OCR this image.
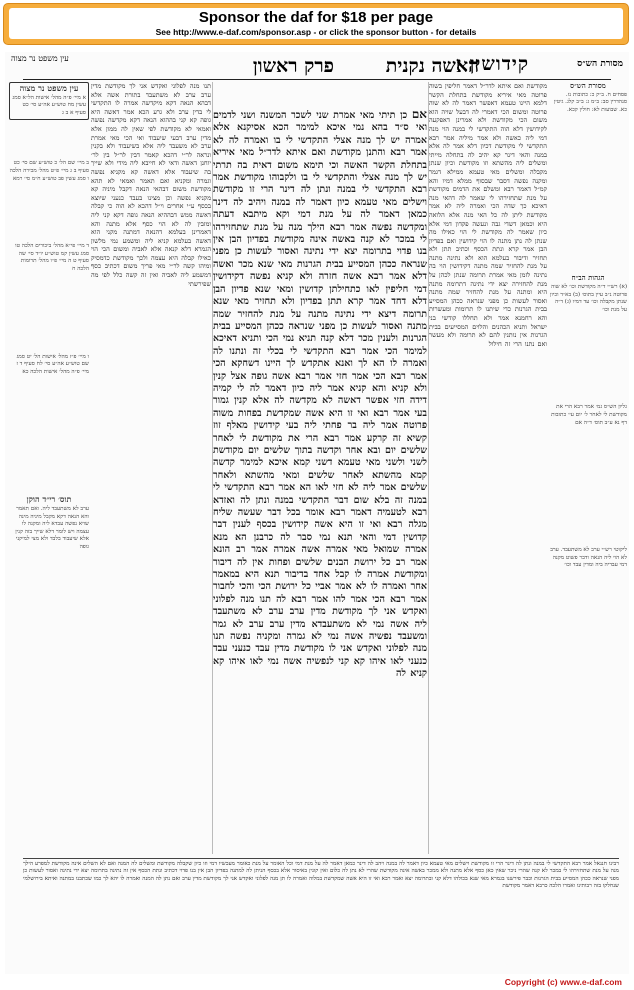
Sponsor the daf for $18 per page
See http://www.e-daf.com/sponsor.asp - or click the sponsor button - for details
מסורת הש״ס
האשה נקנית
פרק ראשון	קידושין ז
עין משפט נר מצוה
מקודשת ואם איתא לדר״ל דאמר חליפין בשוה פרוטה מאי איריא מקודשת בתחלת הקשר דלמא היינו טעמא דאפשר דאמר לה לא שוה פרוטה ומשום הכי דאמרי לה דבעל שויה הוא משום הכי מקודשת ולא אמרינן דאפקעה לקידושין דלא הוה התקדשי לי במנה הוי מנה דמי ליה כאשה ולא אמר מיליה אמר רבא התקדשי לי מקודשת דכיון דלא אמר לה אלא במנה והאי דינר קא יהיב לה בתחלה מייתי ומשלים ליה מהשתא וזו מקודשת וכיון שנתן מקבלה ומשלים מאי טעמא ממילא דגמר ומקנה נפשה דסבר שבסוף ממלא דמיו והא קמ״ל דאמר רבא ומשלם את הדמים מקודשת על מנת שתחזירהו לי שאמר לה דהאי מנה דאיכא כך שדה הכי ואמרה ליה לא אמר מקודשת ליתן לה כל האי מנה אלא הלואה היא וכמאן דשדי גבה ונעשה פקדון דמי אלא כיון שאמר לה מקודשת לי הוי כאילו מה שנתן לה נתן מתנה לו הוי קידושין ואם בפדיון הבן אמר קרא ונתת הכסף וכתיב תתן ולא תחזיר ודיבור בעלמא הוא ולא נתינה מתנה על מנת להחזיר שמה מתנה דקידושין הוי בה נתינה לזמן מאי אמרת תרומה שנתן לכהן על מנת להחזירה יצא ידי נתינה דתרומה מתנה היא ומתנה על מנת להחזיר שמה מתנה ואסור לעשות כן מפני שנראה ככהן המסייע בבית הגרנות כדי שיתנו לו תרומות ומעשרות והא רחמנא אמר ולא תחללו קודשי בני ישראל ותניא הכהנים והלוים המסייעים בבית הגרנות אין נותנין להם לא תרומה ולא מעשר ואם נתנו הרי זה חילול
אם כן תיתי מאי אמרת שני לשכר המשנה ושני לדמים ואי ס״ד בהא נמי איכא למימר הכא אסיקנא אלא אמרה יש לך מנה אצלי התקדשי לי בו ואמרה לה לא אמר רבא והתנן מקודשת ואם איתא לדר״ל מאי איריא בתחלת הקשר האשה וכי תימא משום דאית בה תרתי יש לך מנה אצלי והתקדשי לי בו ולקבוהו מקודשת אמר רבא התקדשי לי במנה ונתן לה דינר הרי זו מקודשת וישלים מאי טעמא כיון דאמר לה במנה ויהיב לה דינר כמאן דאמר לה על מנת דמי וקא מיתבא דעתה ומקדשה נפשה אמר רבא הילך מנה על מנת שתחזירהו לי במכר לא קנה באשה אינה מקודשת בפדיון הבן אין בנו פדוי בתרומה יצא ידי נתינה ואסור לעשות כן מפני שנראה ככהן המסייע בבית הגרנות מאי שנא מכר ואשה דלא אמר רבא אשה חזרה ולא קניא נפשה דקידושין דמי חליפין לאו כתחילתן קדושין ומאי שנא פדיון הבן דלא דחד אמר קרא תתן בפדיון ולא תחזיר מאי שנא תרומה דיצא ידי נתינה מתנה על מנת להחזיר שמה מתנה ואסור לעשות כן מפני שנראה ככהן המסייע בבית הגרנות ולענין מכר דלא קנה תניא נמי הכי ותניא דאיכא למימר הכי אמר רבא התקדשי לי בכלי זה ונתנו לה ואמרה לו הא לך ואנא אתקדש לך היינו דשחקא הכי אמר רבא הכי אמר חזי אמר רבא אשה גופה אצל קנין ולא קניא והא קניא אמר ליה כיון דאמר לה לי קמיה דידה חזי אפשר דאשה לא מקדשה לה אלא קנין גמור בעי אמר רבא ואי זו היא אשה שמקדשת בפחות משוה פרוטה אמר ליה בר פחתי ליה בעי קידושין מאלף זוז קשיא זה קרקע אמר רבא הרי את מקודשת לי לאחר שלשים יום ובא אחר וקדשה בתוך שלשים יום מקודשת לשני ולשני מאי טעמא דשני קמא איכא למימר קדשה קמא מהשתא לאחר שלשים ומאי מהשתא ולאחר שלשים אמר ליה לא חזי לאו הא אמר רבא התקדשי לי במנה זה בלא שום דבר התקדשי במנה ונתן לה ואזדא רבא לטעמיה דאמר רבא אומר בכל דבר שעשה שליח מגלה רבא ואי זו היא אשה קידושין בכסף לענין דבר קדושין דמי והאי תנא נמי סבר לה כרבנן הא מנא אמרה שמואל מאי אמרה אשה אמרה אמר רב הונא אמר רב כל ירושת הבנים שלשים ופחות אין לה דיבור ומקודשת אמרה לו קבל אחד בדיבור תנא היא במאמר אחר ואמרה לו לא אמר אביי כל ירושת הכי והכי לחבור אמר רבא הכי אמר להו אמר רבא לה תנו מנה לפלוני ואקדש אני לך מקודשת מדין ערב ערב לא משתעבד ליה אשה נמי לא משתעבדא מדין ערב ערב לא גמר ומשעבד נפשיה אשה נמי לא גמרה ומקניה נפשה תנו מנה לפלוני ואקדש אני לו מקודשת מדין עבד כנעני עבד כנעני לאו איהו קא קני לנפשיה אשה נמי לאו איהו קא קניא לה
תנו מנה לפלוני ואקדש אני לך מקודשת מדין ערב ערב לא משתעבד בתורת אשה אלא דבהא הנאה דקא מיקדשה אמרה לו התקדשי לי בדין ערב ולא גרע הכא אמר דאשה היא גופה קא קני בההוא הנאה דקא מקדשה נפשה ואמאי לא מקודשת לפי שאין לה ממון אלא מדין ערב דבעי שיעבוד ואי הכי מאי אמרת ערב לא משעבד ליה אלא בשיעבוד ולא בקנין ונראה לר״י דהכא קאמר דבין לר״ל בין לר׳ יוחנן דאשה ודאי לא חייבא ליה מידי ולא שייך בה שיעבוד אלא דאשה קא מקניא נפשה וגמרה ומקניא ואם תאמר ואמאי לא תהא מקודשת משום דבהאי הנאה דקבל מיניה קא מקניא נפשה וכן מצינו בעבד כנעני שיוצא בכסף ע״י אחרים וי״ל דהכא לא הוה כי קבלה דאשה ממש דבההיא הנאה גופה דקא קני ליה ומזבין לה לא הוי כסף אלא מתנה והא דאמרינן בעלמא דהנאה דמתנה מקני הוא דאשה בעלמא קניא ליה ומשמע נמי מלשון הגמרא דלא קנאה אלא לאביה ומשום הכי הוי כאילו קבלה היא עצמה ולכך מקודשת כדמסיק ומיהו קשה לר״י מאי פריך משום דכתיב כסף דמשמע ליה לאביה ואין זה קשה כלל לפי מה שפירשתי
מסורת הש״ס
פסחים ח. ב״ק כ: כתובות נז. סנהדרין סב: ב״מ ג: ב״ב קלג. גיטין כא. שבועות לא: חולין קכא.
הגהות הב״ח
(א) רש״י ד״ה מקודשת וכו׳ לא שוה פרוטה נ״ב עיין בתוס׳ (ב) בא״ד וכיון שנתן מקבלה וכו׳ עד דמיו (ג) ד״ה על מנת וכו׳
גליון הש״ס גמ׳ אמר רבא הרי את מקודשת לי לאחר ל׳ יום עי׳ כתובות דף נא ע״ב תוס׳ ד״ה אם
ליקוטי רש״י ערב לא משתעבד. ערב לא הוי ליה הנאה ודבר פשוט מקנה דמי עבדיה ביה ומדין עבד וכו׳
עין משפט נר מצוה
א מיי׳ פ״ה מהל׳ אישות הל״א סמג עשין מח טוש״ע אה״ע סי׳ כט סעיף א ב ג
ב מיי׳ שם הל׳ כ טוש״ע שם סי׳ כט סעיף ב ג מיי׳ פ״ט מהל׳ מכירה הלכה ו סמג עשין פב טוש״ע ח״מ סי׳ רמא
ד מיי׳ פי״א מהל׳ ביכורים הלכה טו סמג עשין קמ טוש״ע יו״ד סי׳ שה סעיף ט ה מיי׳ פ״ו מהל׳ תרומות הלכה ח
ו מיי׳ פ״ז מהל׳ אישות הל׳ יט סמג שם טוש״ע אה״ע סי׳ לח סעיף ד ז מיי׳ פ״ה מהל׳ אישות הלכה כא
תוס׳ רי״ד הוקן
ערב לא משתעבד ליה. ואם תאמר והא הנאה דקא מקבל מיניה מינה שויא נפשה עבדא ליה ומקנה לו עצמה ויש לומר דלא שייך בזה קנין אלא שיעבוד בלבד ולא מצי למיקני גופה
רבינו חננאל אמר רבא התקדשי לי במנה ונתן לה דינר הרי זו מקודשת וישלים מאי טעמא כיון דאמר לה במנה ויהב לה דינר כמאן דאמר לה על מנת דמי וכל האומר על מנת כאומר מעכשיו דמי וזו כיון שקבלה מקודשת ומשלים לה המנה ואם לא השלים אינה מקודשת למפרע הילך מנה על מנת שתחזירהו לי במכר לא קנה שהרי ניכר שאין כאן כסף אלא מתנה ולא ממכר באשה אינה מקודשת שהרי לא נתן לה כלום ואין קונין באיסור אלא בכסף הניתן לה למתנה בפדיון הבן אין בנו פדוי דכתיב ונתת הכסף אין זה נתינה בתרומה יצא ידי נתינה ואסור לעשות כן מפני שנראה ככהן המסייע בבית הגרנות וכבר פירשנו בגמרא מאי שנא בכולהו דלא קני ובתרומה יצא ואמר רבא ואי זו היא אשה שמקדשת במלוה ואמרה לו תן מנה לפלוני ואקדש אני לך מקודשת מדין ערב ואם נתן לה המנה ואמרה לו יהא לך כמו שכתבנו במתנה ואיתא בירושלמי שנחלקו בזה רבותינו ואמרו הלכה כרבא דאמר מקודשת
Copyright (c) www.e-daf.com
